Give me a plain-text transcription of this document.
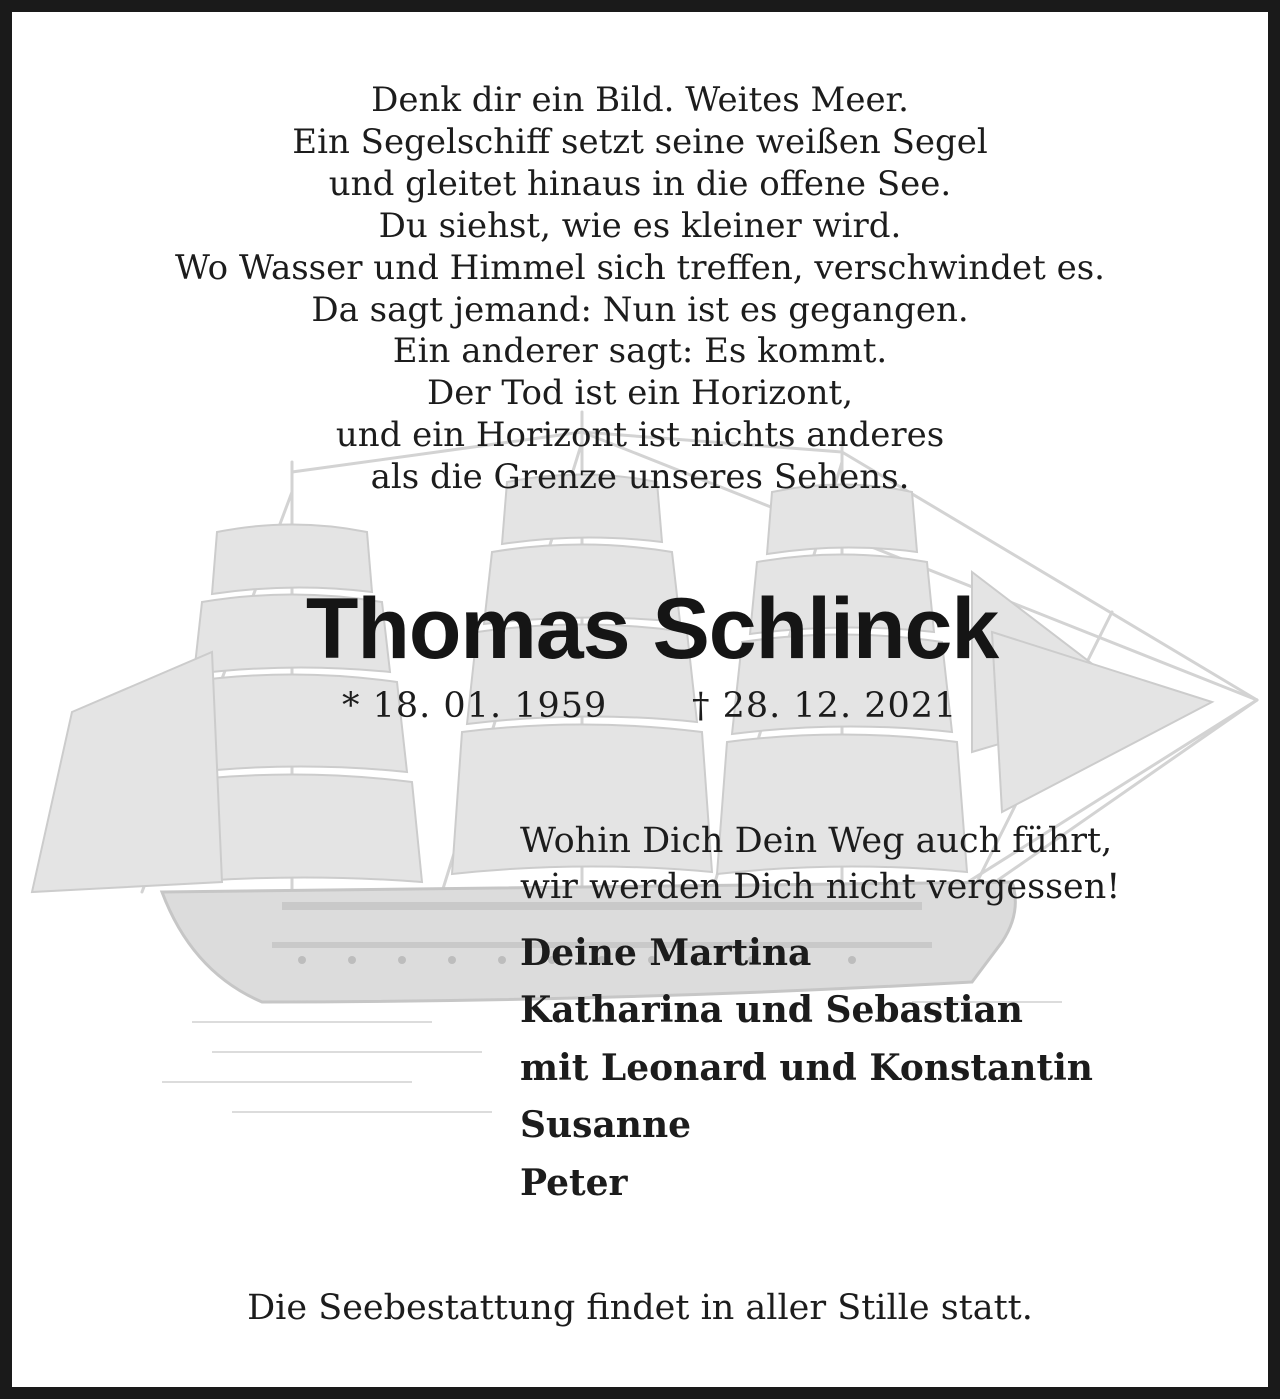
Denk dir ein Bild. Weites Meer.
Ein Segelschiff setzt seine weißen Segel
und gleitet hinaus in die offene See.
Du siehst, wie es kleiner wird.
Wo Wasser und Himmel sich treffen, verschwindet es.
Da sagt jemand: Nun ist es gegangen.
Ein anderer sagt: Es kommt.
Der Tod ist ein Horizont,
und ein Horizont ist nichts anderes
als die Grenze unseres Sehens.
Thomas Schlinck
* 18. 01. 1959 † 28. 12. 2021
Wohin Dich Dein Weg auch führt,
wir werden Dich nicht vergessen!
Deine Martina
Katharina und Sebastian
mit Leonard und Konstantin
Susanne
Peter
Die Seebestattung findet in aller Stille statt.
